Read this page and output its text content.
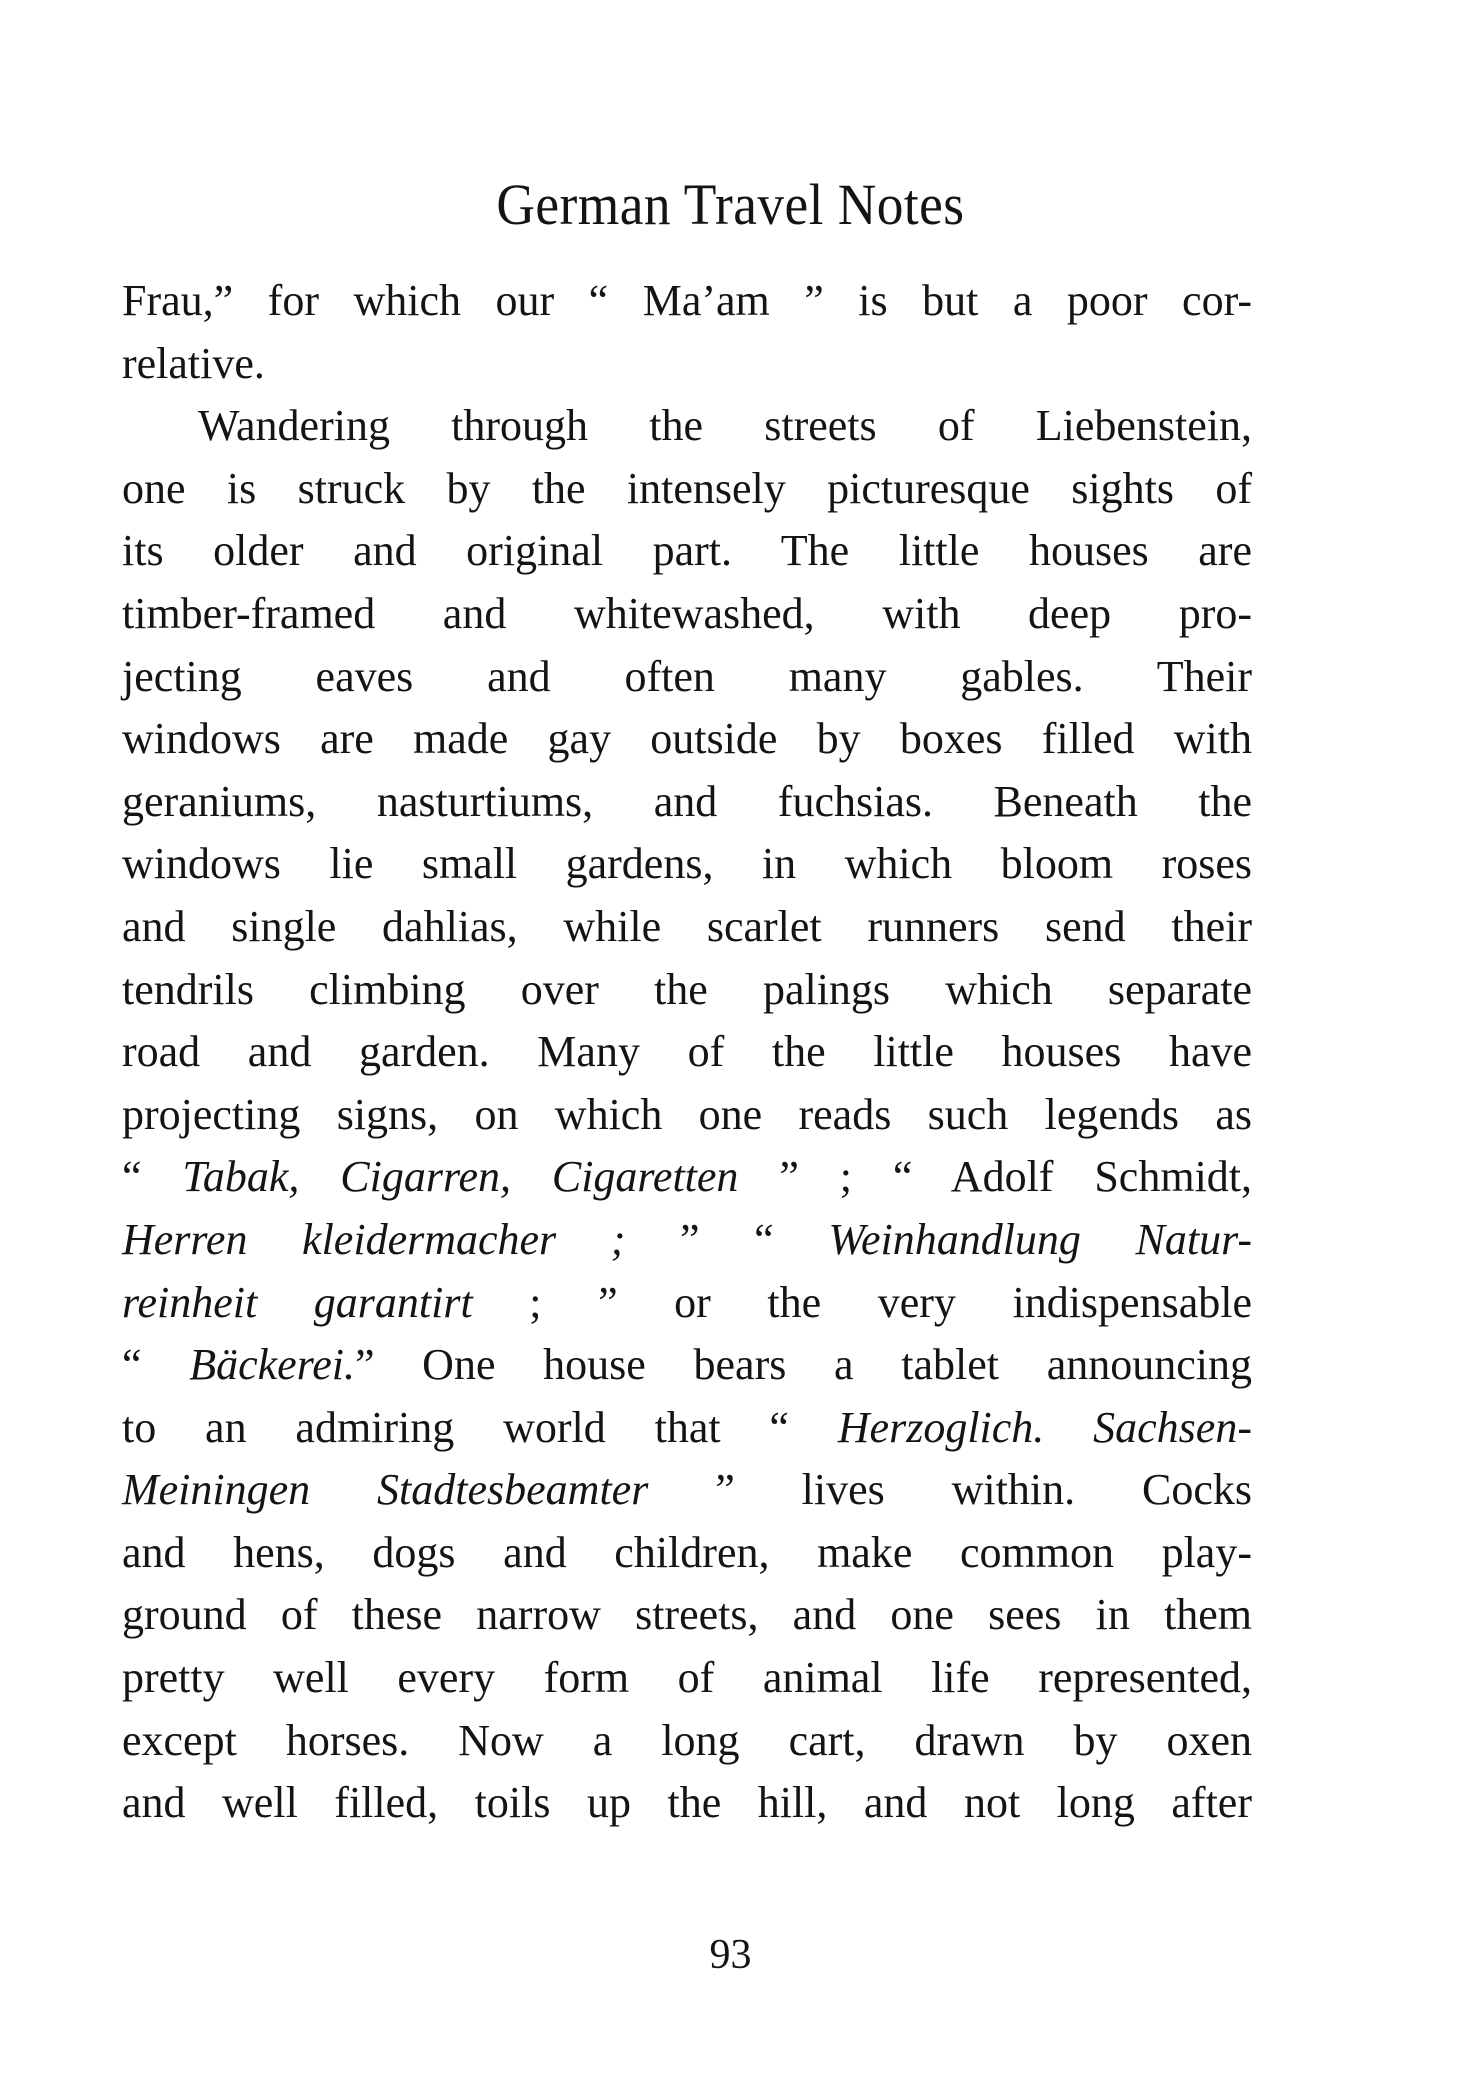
German Travel Notes
Frau,” for which our “ Ma’am ” is but a poor cor-
relative.
Wandering through the streets of Liebenstein,
one is struck by the intensely picturesque sights of
its older and original part. The little houses are
timber-framed and whitewashed, with deep pro-
jecting eaves and often many gables. Their
windows are made gay outside by boxes filled with
geraniums, nasturtiums, and fuchsias. Beneath the
windows lie small gardens, in which bloom roses
and single dahlias, while scarlet runners send their
tendrils climbing over the palings which separate
road and garden. Many of the little houses have
projecting signs, on which one reads such legends as
“ Tabak, Cigarren, Cigaretten ” ; “ Adolf Schmidt,
Herren kleidermacher ; ” “ Weinhandlung Natur-
reinheit garantirt ; ” or the very indispensable
“ Bäckerei.” One house bears a tablet announcing
to an admiring world that “ Herzoglich. Sachsen-
Meiningen Stadtesbeamter ” lives within. Cocks
and hens, dogs and children, make common play-
ground of these narrow streets, and one sees in them
pretty well every form of animal life represented,
except horses. Now a long cart, drawn by oxen
and well filled, toils up the hill, and not long after
93
